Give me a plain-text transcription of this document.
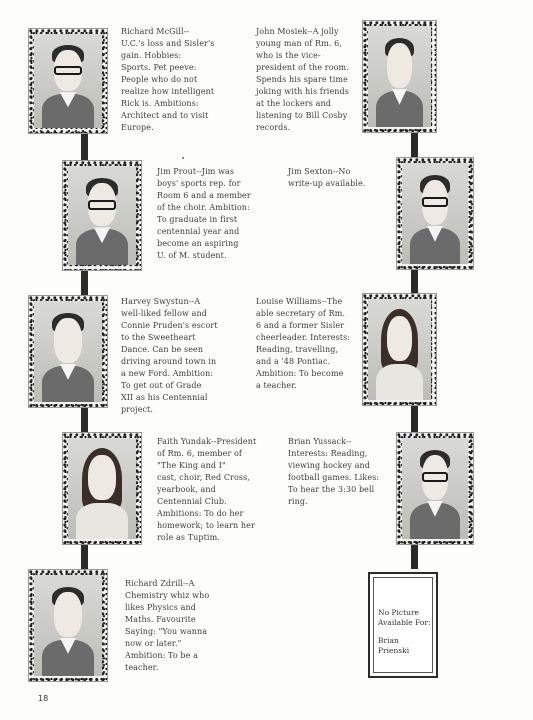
Richard McGill--
U.C.'s loss and Sisler's
gain. Hobbies:
Sports. Pet peeve:
People who do not
realize how intelligent
Rick is. Ambitions:
Architect and to visit
Europe.
John Mosiek--A jolly
young man of Rm. 6,
who is the vice-
president of the room.
Spends his spare time
joking with his friends
at the lockers and
listening to Bill Cosby
records.
Jim Prout--Jim was
boys' sports rep. for
Room 6 and a member
of the choir. Ambition:
To graduate in first
centennial year and
become an aspiring
U. of M. student.
Jim Sexton--No
write-up available.
Harvey Swystun--A
well-liked fellow and
Connie Pruden's escort
to the Sweetheart
Dance. Can be seen
driving around town in
a new Ford. Ambition:
To get out of Grade
XII as his Centennial
project.
Louise Williams--The
able secretary of Rm.
6 and a former Sisler
cheerleader. Interests:
Reading, travelling,
and a '48 Pontiac.
Ambition: To become
a teacher.
Faith Yundak--President
of Rm. 6, member of
"The King and I"
cast, choir, Red Cross,
yearbook, and
Centennial Club.
Ambitions: To do her
homework; to learn her
role as Tuptim.
Brian Yussack--
Interests: Reading,
viewing hockey and
football games. Likes:
To hear the 3:30 bell
ring.
Richard Zdrill--A
Chemistry whiz who
likes Physics and
Maths. Favourite
Saying: "You wanna
now or later."
Ambition: To be a
teacher.
No Picture
Available For:
Brian
Prienski
18
